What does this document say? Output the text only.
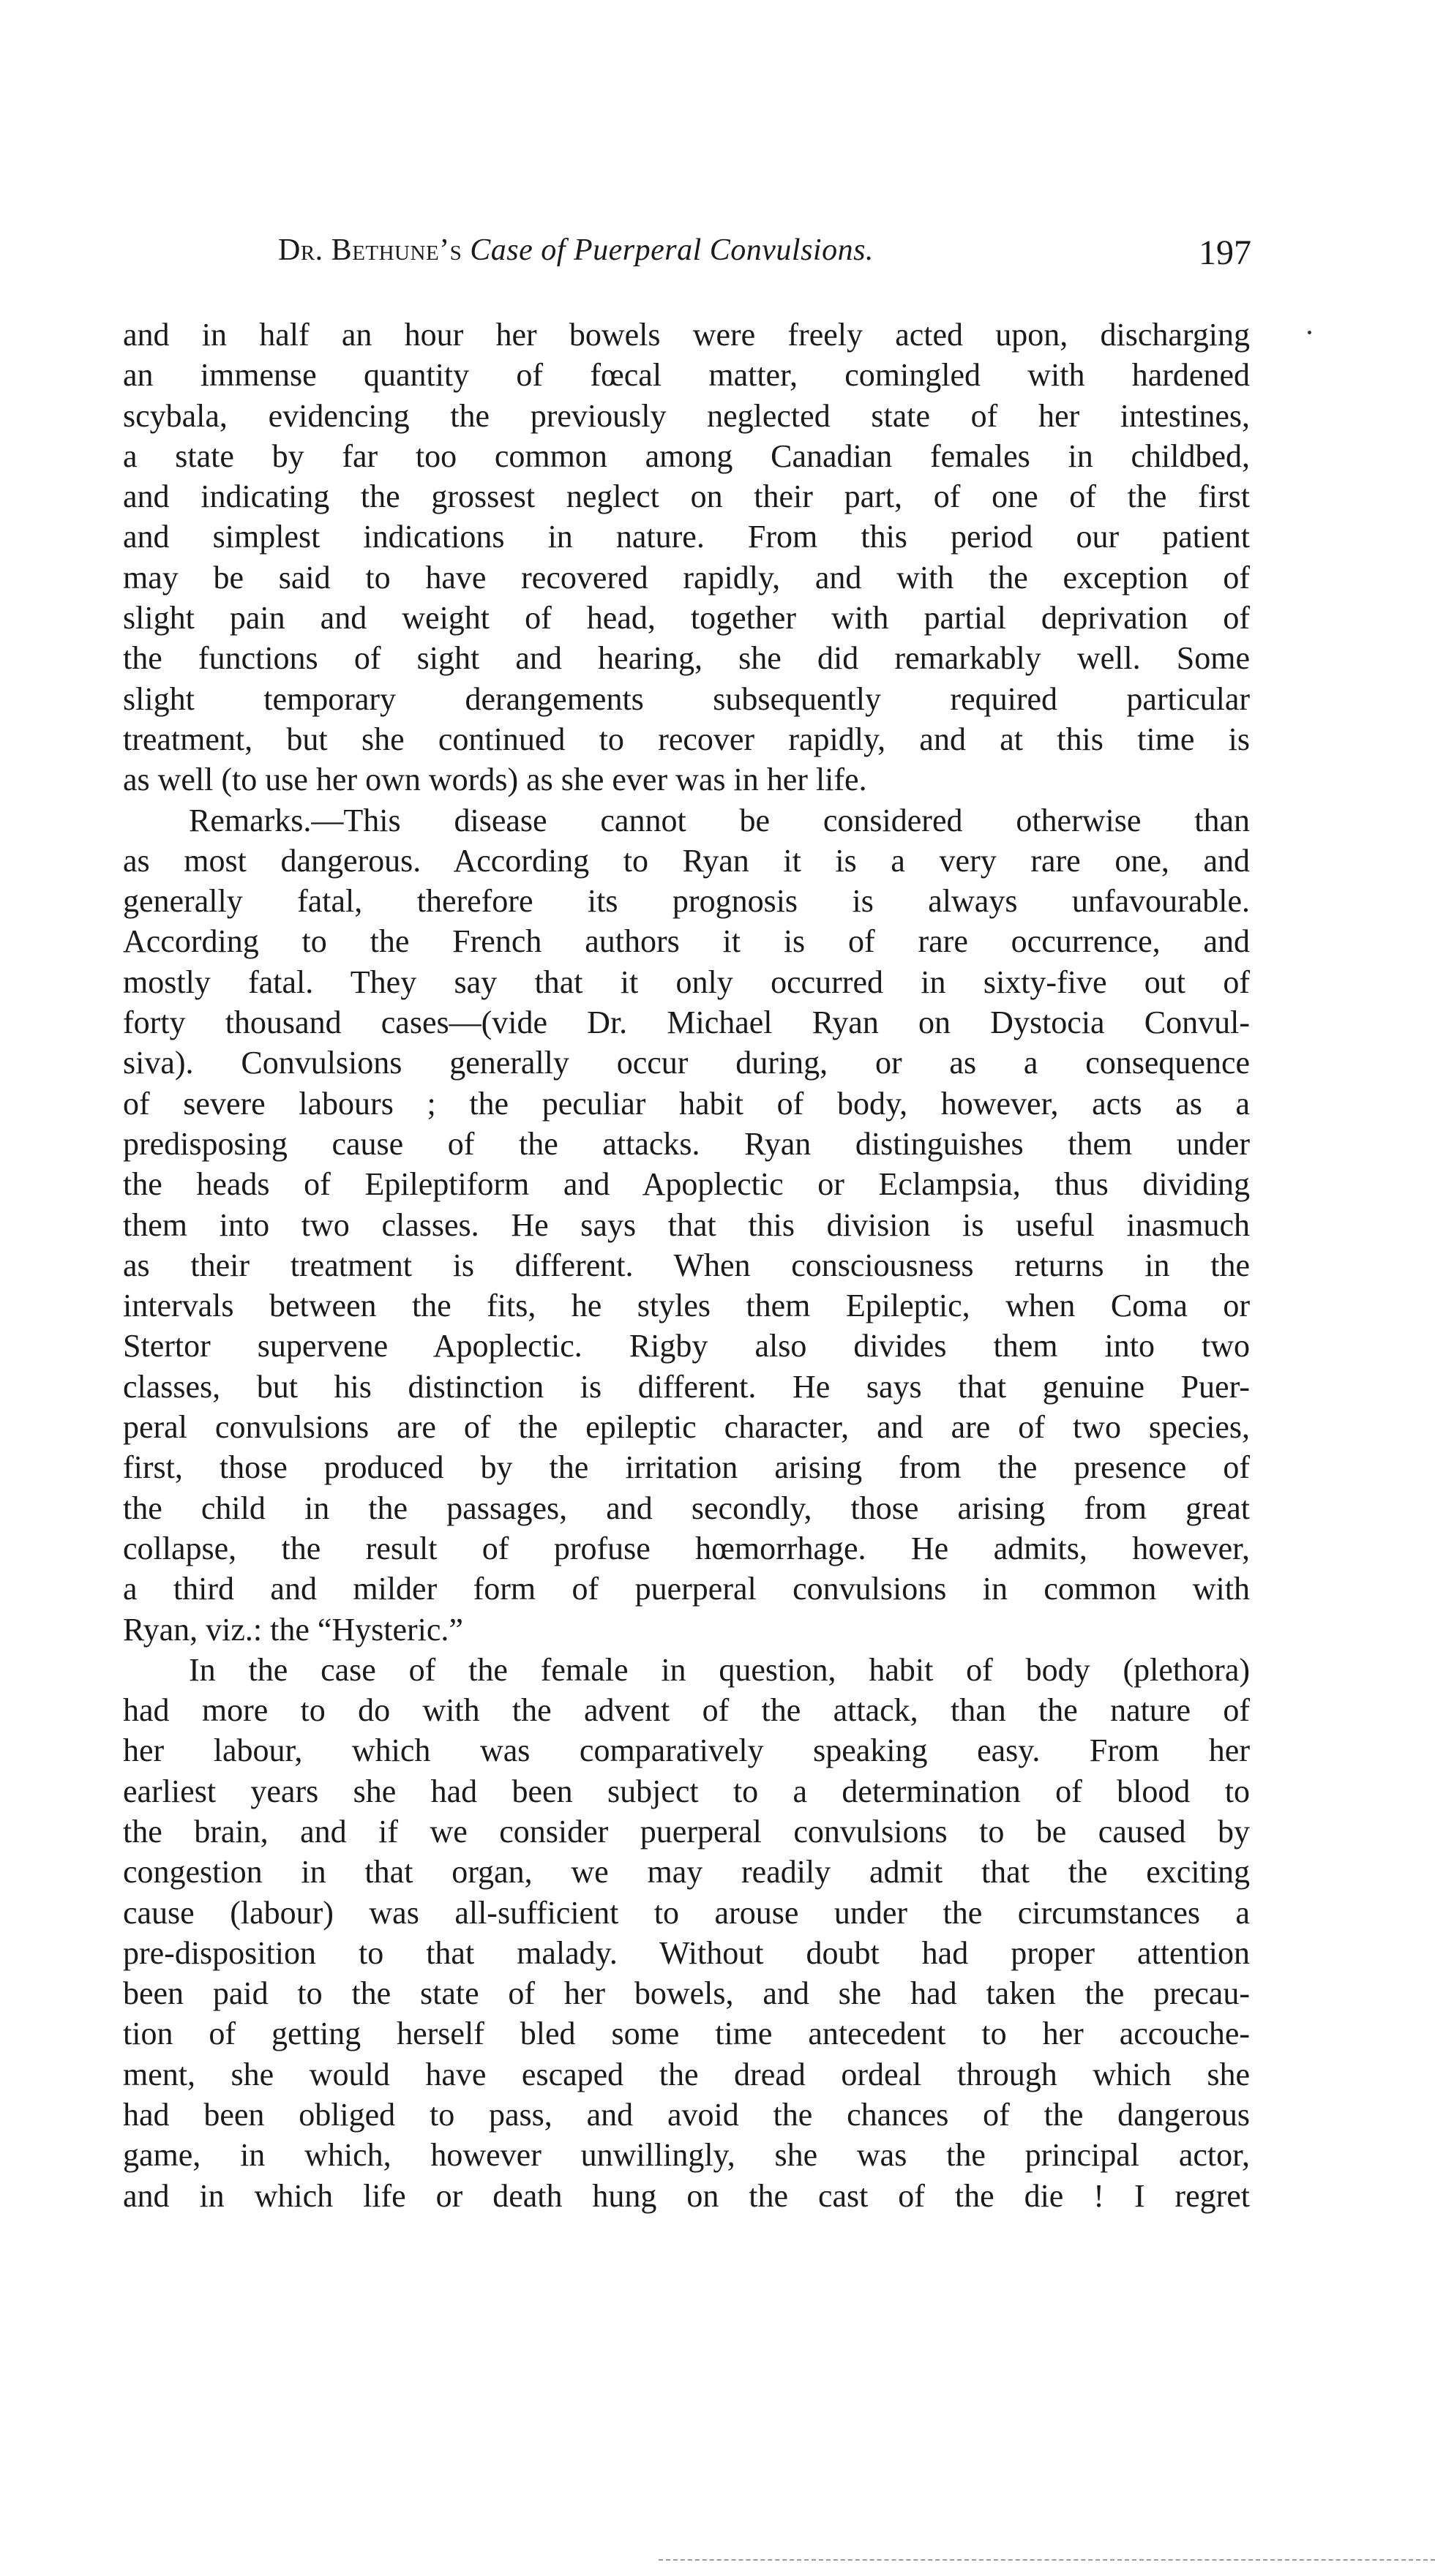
Dr. Bethune’s Case of Puerperal Convulsions.	197
and in half an hour her bowels were freely acted upon, discharging
an immense quantity of fœcal matter, comingled with hardened
scybala, evidencing the previously neglected state of her intestines,
a state by far too common among Canadian females in childbed,
and indicating the grossest neglect on their part, of one of the first
and simplest indications in nature. From this period our patient
may be said to have recovered rapidly, and with the exception of
slight pain and weight of head, together with partial deprivation of
the functions of sight and hearing, she did remarkably well. Some
slight temporary derangements subsequently required particular
treatment, but she continued to recover rapidly, and at this time is
as well (to use her own words) as she ever was in her life.
Remarks.—This disease cannot be considered otherwise than
as most dangerous. According to Ryan it is a very rare one, and
generally fatal, therefore its prognosis is always unfavourable.
According to the French authors it is of rare occurrence, and
mostly fatal. They say that it only occurred in sixty-five out of
forty thousand cases—(vide Dr. Michael Ryan on Dystocia Convul-
siva). Convulsions generally occur during, or as a consequence
of severe labours ; the peculiar habit of body, however, acts as a
predisposing cause of the attacks. Ryan distinguishes them under
the heads of Epileptiform and Apoplectic or Eclampsia, thus dividing
them into two classes. He says that this division is useful inasmuch
as their treatment is different. When consciousness returns in the
intervals between the fits, he styles them Epileptic, when Coma or
Stertor supervene Apoplectic. Rigby also divides them into two
classes, but his distinction is different. He says that genuine Puer-
peral convulsions are of the epileptic character, and are of two species,
first, those produced by the irritation arising from the presence of
the child in the passages, and secondly, those arising from great
collapse, the result of profuse hœmorrhage. He admits, however,
a third and milder form of puerperal convulsions in common with
Ryan, viz.: the “Hysteric.”
In the case of the female in question, habit of body (plethora)
had more to do with the advent of the attack, than the nature of
her labour, which was comparatively speaking easy. From her
earliest years she had been subject to a determination of blood to
the brain, and if we consider puerperal convulsions to be caused by
congestion in that organ, we may readily admit that the exciting
cause (labour) was all-sufficient to arouse under the circumstances a
pre-disposition to that malady. Without doubt had proper attention
been paid to the state of her bowels, and she had taken the precau-
tion of getting herself bled some time antecedent to her accouche-
ment, she would have escaped the dread ordeal through which she
had been obliged to pass, and avoid the chances of the dangerous
game, in which, however unwillingly, she was the principal actor,
and in which life or death hung on the cast of the die ! I regret
